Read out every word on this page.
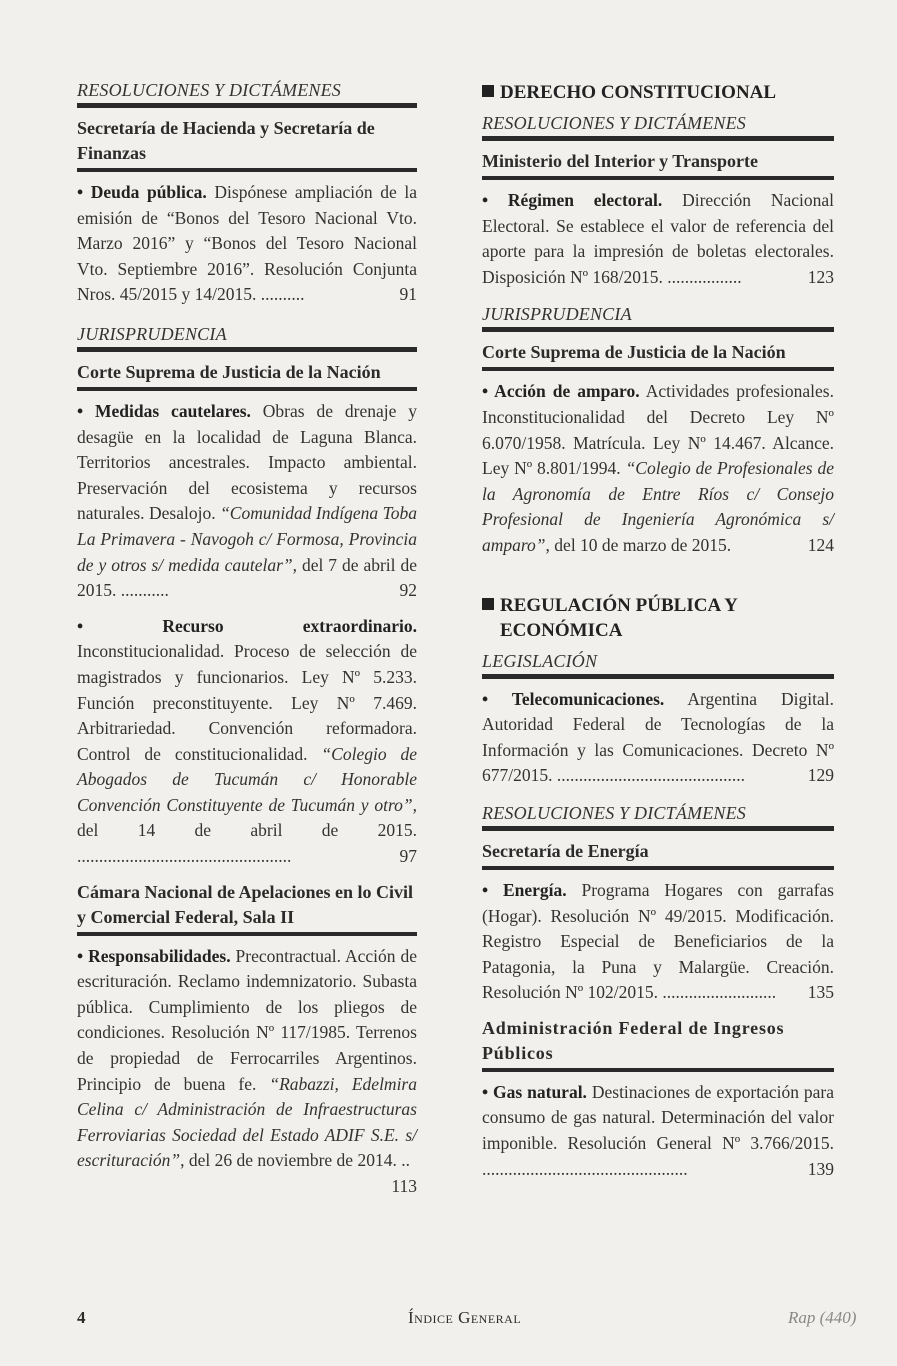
RESOLUCIONES Y DICTÁMENES
Secretaría de Hacienda y Secretaría de Finanzas

• Deuda pública. Dispónese ampliación de la emisión de “Bonos del Tesoro Nacional Vto. Marzo 2016” y “Bonos del Tesoro Nacional Vto. Septiembre 2016”. Resolución Conjunta Nros. 45/2015 y 14/2015. ..........	91

JURISPRUDENCIA
Corte Suprema de Justicia de la Nación

• Medidas cautelares. Obras de drenaje y desagüe en la localidad de Laguna Blanca. Territorios ancestrales. Impacto ambiental. Preservación del ecosistema y recursos naturales. Desalojo. “Comunidad Indígena Toba La Primavera - Navogoh c/ Formosa, Provincia de y otros s/ medida cautelar”, del 7 de abril de 2015. ...........	92

• Recurso extraordinario. Inconstitucionalidad. Proceso de selección de magistrados y funcionarios. Ley Nº 5.233. Función preconstituyente. Ley Nº 7.469. Arbitrariedad. Convención reformadora. Control de constitucionalidad. “Colegio de Abogados de Tucumán c/ Honorable Convención Constituyente de Tucumán y otro”, del 14 de abril de 2015. .................................................	97

Cámara Nacional de Apelaciones en lo Civil y Comercial Federal, Sala II

• Responsabilidades. Precontractual. Acción de escrituración. Reclamo indemnizatorio. Subasta pública. Cumplimiento de los pliegos de condiciones. Resolución Nº 117/1985. Terrenos de propiedad de Ferrocarriles Argentinos. Principio de buena fe. “Rabazzi, Edelmira Celina c/ Administración de Infraestructuras Ferroviarias Sociedad del Estado ADIF S.E. s/ escrituración”, del 26 de noviembre de 2014. ..
113

DERECHO CONSTITUCIONAL
RESOLUCIONES Y DICTÁMENES
Ministerio del Interior y Transporte

• Régimen electoral. Dirección Nacional Electoral. Se establece el valor de referencia del aporte para la impresión de boletas electorales. Disposición Nº 168/2015. .................	123

JURISPRUDENCIA
Corte Suprema de Justicia de la Nación

• Acción de amparo. Actividades profesionales. Inconstitucionalidad del Decreto Ley Nº 6.070/1958. Matrícula. Ley Nº 14.467. Alcance. Ley Nº 8.801/1994. “Colegio de Profesionales de la Agronomía de Entre Ríos c/ Consejo Profesional de Ingeniería Agronómica s/ amparo”, del 10 de marzo de 2015.	124

REGULACIÓN PÚBLICA Y
ECONÓMICA
LEGISLACIÓN

• Telecomunicaciones. Argentina Digital. Autoridad Federal de Tecnologías de la Información y las Comunicaciones. Decreto Nº 677/2015. ...........................................	129

RESOLUCIONES Y DICTÁMENES
Secretaría de Energía

• Energía. Programa Hogares con garrafas (Hogar). Resolución Nº 49/2015. Modificación. Registro Especial de Beneficiarios de la Patagonia, la Puna y Malargüe. Creación. Resolución Nº 102/2015. .......................... 135

Administración Federal de Ingresos Públicos

• Gas natural. Destinaciones de exportación para consumo de gas natural. Determinación del valor imponible. Resolución General Nº 3.766/2015. ...............................................	139

4	Índice General	Rap (440)
